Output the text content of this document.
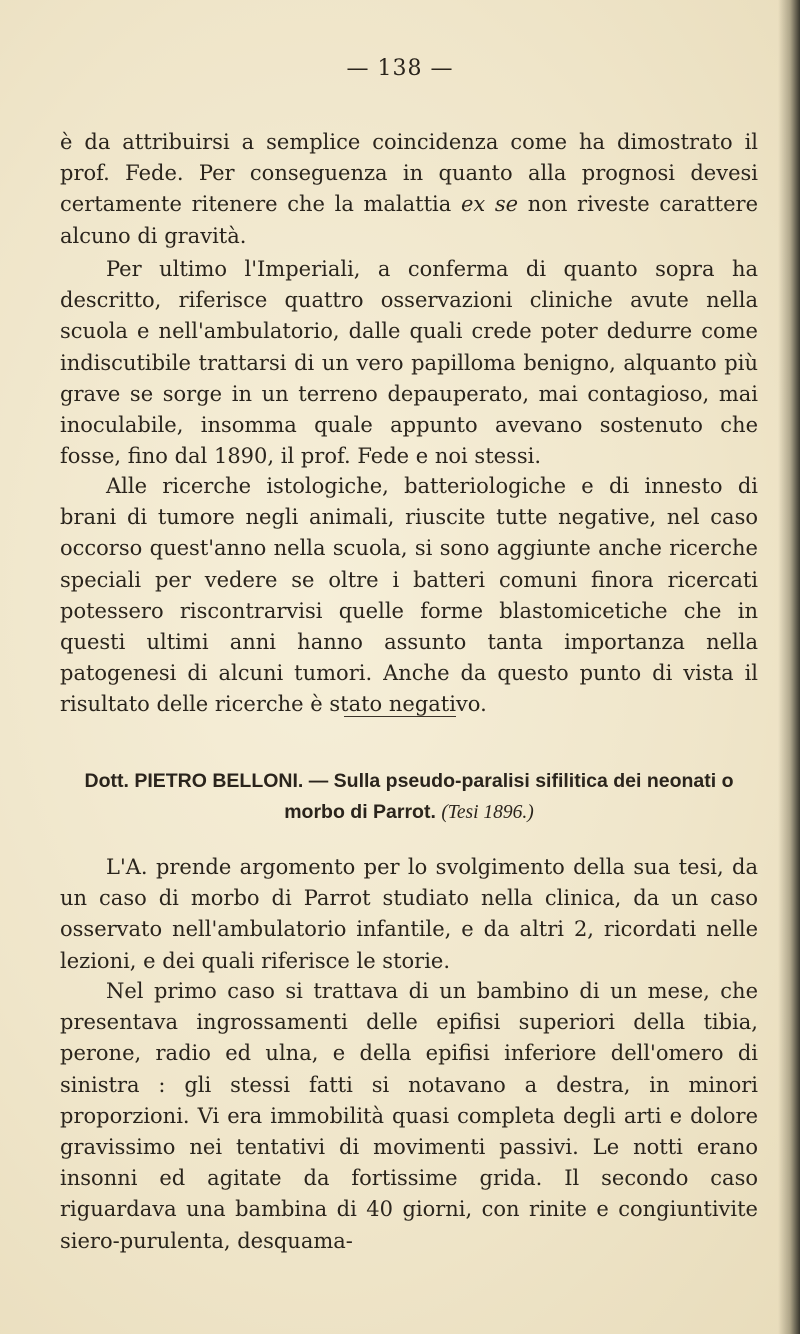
— 138 —

è da attribuirsi a semplice coincidenza come ha dimostrato il prof. Fede. Per conseguenza in quanto alla prognosi devesi certamente ritenere che la malattia ex se non riveste carattere alcuno di gravità.

Per ultimo l'Imperiali, a conferma di quanto sopra ha descritto, riferisce quattro osservazioni cliniche avute nella scuola e nell'ambulatorio, dalle quali crede poter dedurre come indiscutibile trattarsi di un vero papilloma benigno, alquanto più grave se sorge in un terreno depauperato, mai contagioso, mai inoculabile, insomma quale appunto avevano sostenuto che fosse, fino dal 1890, il prof. Fede e noi stessi.

Alle ricerche istologiche, batteriologiche e di innesto di brani di tumore negli animali, riuscite tutte negative, nel caso occorso quest'anno nella scuola, si sono aggiunte anche ricerche speciali per vedere se oltre i batteri comuni finora ricercati potessero riscontrarvisi quelle forme blastomicetiche che in questi ultimi anni hanno assunto tanta importanza nella patogenesi di alcuni tumori. Anche da questo punto di vista il risultato delle ricerche è stato negativo.

Dott. PIETRO BELLONI. — Sulla pseudo-paralisi sifilitica dei neonati o morbo di Parrot. (Tesi 1896.)

L'A. prende argomento per lo svolgimento della sua tesi, da un caso di morbo di Parrot studiato nella clinica, da un caso osservato nell'ambulatorio infantile, e da altri 2, ricordati nelle lezioni, e dei quali riferisce le storie.

Nel primo caso si trattava di un bambino di un mese, che presentava ingrossamenti delle epifisi superiori della tibia, perone, radio ed ulna, e della epifisi inferiore dell'omero di sinistra : gli stessi fatti si notavano a destra, in minori proporzioni. Vi era immobilità quasi completa degli arti e dolore gravissimo nei tentativi di movimenti passivi. Le notti erano insonni ed agitate da fortissime grida. Il secondo caso riguardava una bambina di 40 giorni, con rinite e congiuntivite siero-purulenta, desquama-
